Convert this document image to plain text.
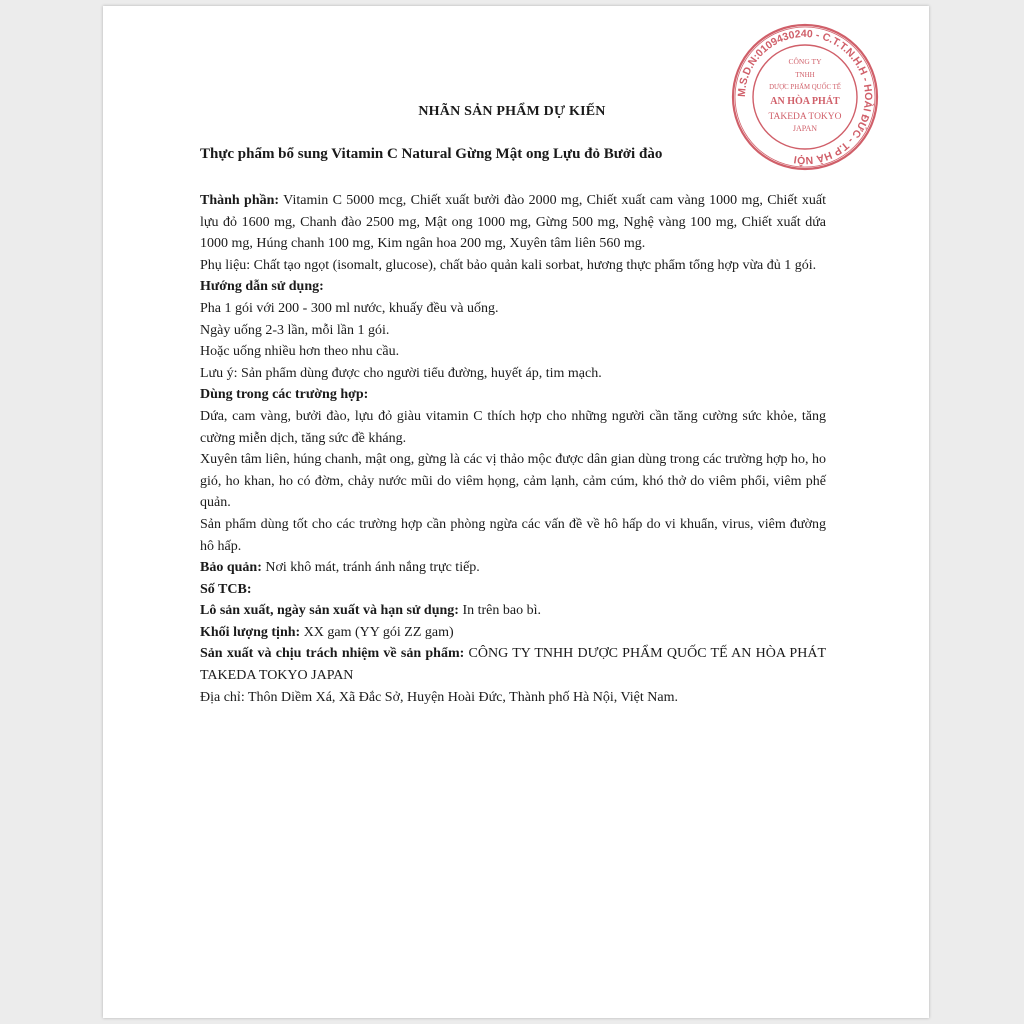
M.S.D.N:0109430240 - C.T.T.N.H.H - HOÀI ĐỨC - T.P HÀ NỘI
CÔNG TY
TNHH
DƯỢC PHẨM QUỐC TẾ
AN HÒA PHÁT
TAKEDA TOKYO
JAPAN
NHÃN SẢN PHẨM DỰ KIẾN
Thực phẩm bổ sung Vitamin C Natural Gừng Mật ong Lựu đỏ Bưởi đào

Thành phần: Vitamin C 5000 mcg, Chiết xuất bưởi đào 2000 mg, Chiết xuất cam vàng 1000 mg, Chiết xuất lựu đỏ 1600 mg, Chanh đào 2500 mg, Mật ong 1000 mg, Gừng 500 mg, Nghệ vàng 100 mg, Chiết xuất dứa 1000 mg, Húng chanh 100 mg, Kim ngân hoa 200 mg, Xuyên tâm liên 560 mg.

Phụ liệu: Chất tạo ngọt (isomalt, glucose), chất bảo quản kali sorbat, hương thực phẩm tổng hợp vừa đủ 1 gói.

Hướng dẫn sử dụng:

Pha 1 gói với 200 - 300 ml nước, khuấy đều và uống.

Ngày uống 2-3 lần, mỗi lần 1 gói.

Hoặc uống nhiều hơn theo nhu cầu.

Lưu ý: Sản phẩm dùng được cho người tiểu đường, huyết áp, tim mạch.

Dùng trong các trường hợp:

Dứa, cam vàng, bưởi đào, lựu đỏ giàu vitamin C thích hợp cho những người cần tăng cường sức khỏe, tăng cường miễn dịch, tăng sức đề kháng.

Xuyên tâm liên, húng chanh, mật ong, gừng là các vị thảo mộc được dân gian dùng trong các trường hợp ho, ho gió, ho khan, ho có đờm, chảy nước mũi do viêm họng, cảm lạnh, cảm cúm, khó thở do viêm phổi, viêm phế quản.

Sản phẩm dùng tốt cho các trường hợp cần phòng ngừa các vấn đề về hô hấp do vi khuẩn, virus, viêm đường hô hấp.

Bảo quản: Nơi khô mát, tránh ánh nắng trực tiếp.

Số TCB:

Lô sản xuất, ngày sản xuất và hạn sử dụng: In trên bao bì.

Khối lượng tịnh: XX gam (YY gói ZZ gam)

Sản xuất và chịu trách nhiệm về sản phẩm: CÔNG TY TNHH DƯỢC PHẨM QUỐC TẾ AN HÒA PHÁT TAKEDA TOKYO JAPAN

Địa chỉ: Thôn Diềm Xá, Xã Đắc Sở, Huyện Hoài Đức, Thành phố Hà Nội, Việt Nam.
